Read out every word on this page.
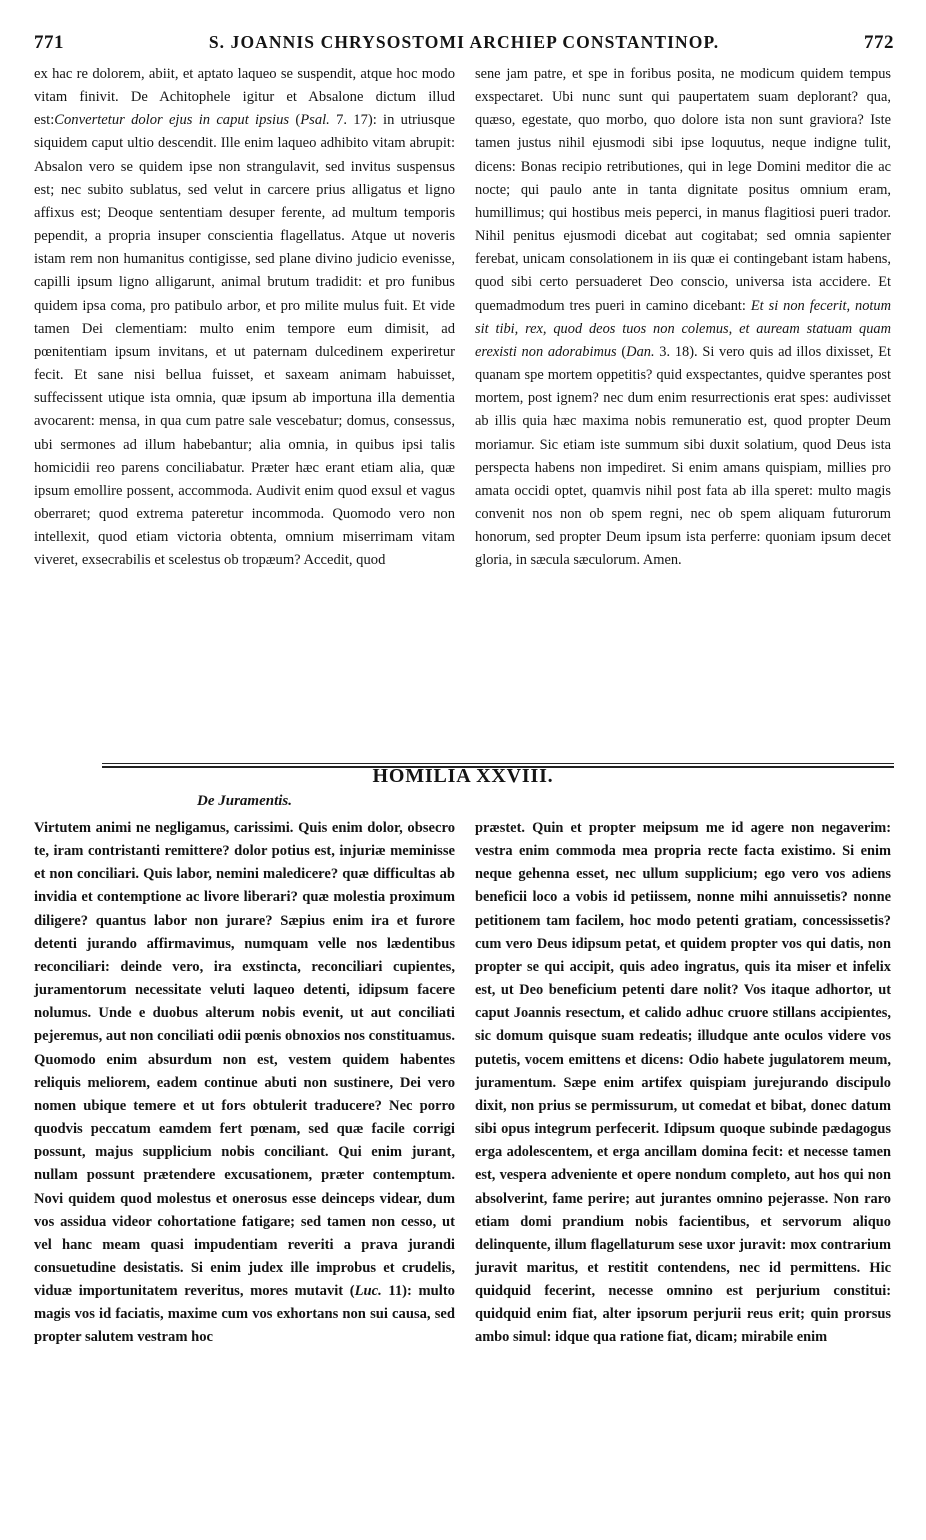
771	S. JOANNIS CHRYSOSTOMI ARCHIEP CONSTANTINOP.	772

ex hac re dolorem, abiit, et aptato laqueo se suspendit, atque hoc modo vitam finivit. De Achitophele igitur et Absalone dictum illud est:Convertetur dolor ejus in caput ipsius (Psal. 7. 17): in utriusque siquidem caput ultio descendit. Ille enim laqueo adhibito vitam abrupit: Absalon vero se quidem ipse non strangulavit, sed invitus suspensus est; nec subito sublatus, sed velut in carcere prius alligatus et ligno affixus est; Deoque sententiam desuper ferente, ad multum temporis pependit, a propria insuper conscientia flagellatus. Atque ut noveris istam rem non humanitus contigisse, sed plane divino judicio evenisse, capilli ipsum ligno alligarunt, animal brutum tradidit: et pro funibus quidem ipsa coma, pro patibulo arbor, et pro milite mulus fuit. Et vide tamen Dei clementiam: multo enim tempore eum dimisit, ad pœnitentiam ipsum invitans, et ut paternam dulcedinem experiretur fecit. Et sane nisi bellua fuisset, et saxeam animam habuisset, suffecissent utique ista omnia, quæ ipsum ab importuna illa dementia avocarent: mensa, in qua cum patre sale vescebatur; domus, consessus, ubi sermones ad illum habebantur; alia omnia, in quibus ipsi talis homicidii reo parens conciliabatur. Præter hæc erant etiam alia, quæ ipsum emollire possent, accommoda. Audivit enim quod exsul et vagus oberraret; quod extrema pateretur incommoda. Quomodo vero non intellexit, quod etiam victoria obtenta, omnium miserrimam vitam viveret, exsecrabilis et scelestus ob tropæum? Accedit, quod

sene jam patre, et spe in foribus posita, ne modicum quidem tempus exspectaret. Ubi nunc sunt qui paupertatem suam deplorant? qua, quæso, egestate, quo morbo, quo dolore ista non sunt graviora? Iste tamen justus nihil ejusmodi sibi ipse loquutus, neque indigne tulit, dicens: Bonas recipio retributiones, qui in lege Domini meditor die ac nocte; qui paulo ante in tanta dignitate positus omnium eram, humillimus; qui hostibus meis peperci, in manus flagitiosi pueri trador. Nihil penitus ejusmodi dicebat aut cogitabat; sed omnia sapienter ferebat, unicam consolationem in iis quæ ei contingebant istam habens, quod sibi certo persuaderet Deo conscio, universa ista accidere. Et quemadmodum tres pueri in camino dicebant: Et si non fecerit, notum sit tibi, rex, quod deos tuos non colemus, et auream statuam quam erexisti non adorabimus (Dan. 3. 18). Si vero quis ad illos dixisset, Et quanam spe mortem oppetitis? quid exspectantes, quidve sperantes post mortem, post ignem? nec dum enim resurrectionis erat spes: audivisset ab illis quia hæc maxima nobis remuneratio est, quod propter Deum moriamur. Sic etiam iste summum sibi duxit solatium, quod Deus ista perspecta habens non impediret. Si enim amans quispiam, millies pro amata occidi optet, quamvis nihil post fata ab illa speret: multo magis convenit nos non ob spem regni, nec ob spem aliquam futurorum honorum, sed propter Deum ipsum ista perferre: quoniam ipsum decet gloria, in sæcula sæculorum. Amen.

HOMILIA XXVIII.
De Juramentis.

Virtutem animi ne negligamus, carissimi. Quis enim dolor, obsecro te, iram contristanti remittere? dolor potius est, injuriæ meminisse et non conciliari. Quis labor, nemini maledicere? quæ difficultas ab invidia et contemptione ac livore liberari? quæ molestia proximum diligere? quantus labor non jurare? Sæpius enim ira et furore detenti jurando affirmavimus, numquam velle nos lædentibus reconciliari: deinde vero, ira exstincta, reconciliari cupientes, juramentorum necessitate veluti laqueo detenti, idipsum facere nolumus. Unde e duobus alterum nobis evenit, ut aut conciliati pejeremus, aut non conciliati odii pœnis obnoxios nos constituamus. Quomodo enim absurdum non est, vestem quidem habentes reliquis meliorem, eadem continue abuti non sustinere, Dei vero nomen ubique temere et ut fors obtulerit traducere? Nec porro quodvis peccatum eamdem fert pœnam, sed quæ facile corrigi possunt, majus supplicium nobis conciliant. Qui enim jurant, nullam possunt prætendere excusationem, præter contemptum. Novi quidem quod molestus et onerosus esse deinceps videar, dum vos assidua videor cohortatione fatigare; sed tamen non cesso, ut vel hanc meam quasi impudentiam reveriti a prava jurandi consuetudine desistatis. Si enim judex ille improbus et crudelis, viduæ importunitatem reveritus, mores mutavit (Luc. 11): multo magis vos id faciatis, maxime cum vos exhortans non sui causa, sed propter salutem vestram hoc

præstet. Quin et propter meipsum me id agere non negaverim: vestra enim commoda mea propria recte facta existimo. Si enim neque gehenna esset, nec ullum supplicium; ego vero vos adiens beneficii loco a vobis id petiissem, nonne mihi annuissetis? nonne petitionem tam facilem, hoc modo petenti gratiam, concessissetis? cum vero Deus idipsum petat, et quidem propter vos qui datis, non propter se qui accipit, quis adeo ingratus, quis ita miser et infelix est, ut Deo beneficium petenti dare nolit? Vos itaque adhortor, ut caput Joannis resectum, et calido adhuc cruore stillans accipientes, sic domum quisque suam redeatis; illudque ante oculos videre vos putetis, vocem emittens et dicens: Odio habete jugulatorem meum, juramentum. Sæpe enim artifex quispiam jurejurando discipulo dixit, non prius se permissurum, ut comedat et bibat, donec datum sibi opus integrum perfecerit. Idipsum quoque subinde pædagogus erga adolescentem, et erga ancillam domina fecit: et necesse tamen est, vespera adveniente et opere nondum completo, aut hos qui non absolverint, fame perire; aut jurantes omnino pejerasse. Non raro etiam domi prandium nobis facientibus, et servorum aliquo delinquente, illum flagellaturum sese uxor juravit: mox contrarium juravit maritus, et restitit contendens, nec id permittens. Hic quidquid fecerint, necesse omnino est perjurium constitui: quidquid enim fiat, alter ipsorum perjurii reus erit; quin prorsus ambo simul: idque qua ratione fiat, dicam; mirabile enim
